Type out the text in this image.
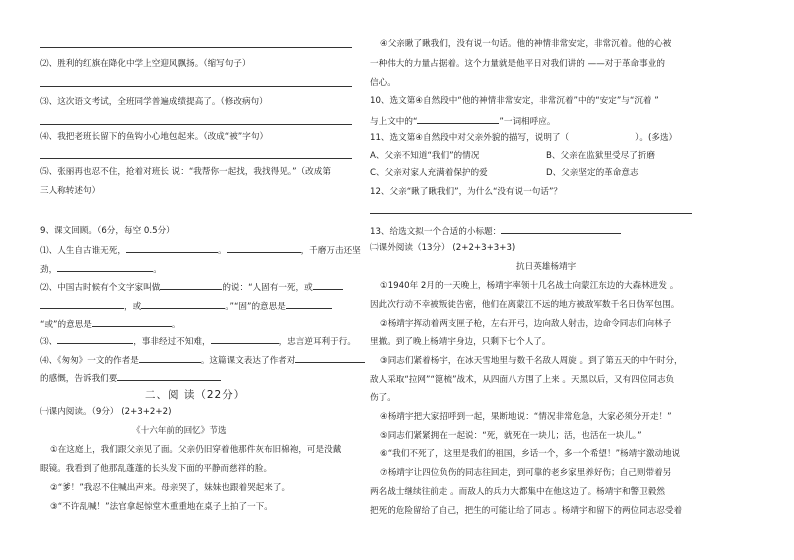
⑵、胜利的红旗在降化中学上空迎风飘扬。（缩写句子）
⑶、这次语文考试，全班同学普遍成绩提高了。（修改病句）
⑷、我把老班长留下的鱼钩小心地包起来。（改成“被”字句）
⑸、张丽再也忍不住，抢着对班长 说：“我帮你一起找，我找得见。”（改成第
三人称转述句）
9、课文回顾。（6分，每空 0.5分）
⑴、人生自古谁无死，	。	，千磨万击还坚
劲，	。
⑵、中国古时候有个文字家叫做	的说：“人固有一死，或
，或	。”“固”的意思是
“或”的意思是	。
⑶、	，事非经过不知难，	，忠言逆耳利于行。
⑷、《匆匆》一文的作者是	。这篇课文表达了作者对
的感慨，告诉我们要
二、阅 读（22分）
㈠课内阅读。（9分） (2+3+2+2)
《十六年前的回忆》节选
①在这庭上，我们跟父亲见了面。父亲仍旧穿着他那件灰布旧棉袍，可是没戴
眼镜。我看到了他那乱蓬蓬的长头发下面的平静而慈祥的脸。
②“爹！”我忍不住喊出声来。母亲哭了，妹妹也跟着哭起来了。
③“不许乱喊！”法官拿起惊堂木重重地在桌子上拍了一下。
④父亲瞅了瞅我们，没有说一句话。他的神情非常安定，非常沉着。他的心被
一种伟大的力量占据着。这个力量就是他平日对我们讲的 ——对于革命事业的
信心。
10、选文第④自然段中“他的神情非常安定，非常沉着”中的“安定”与“沉着 ”
与上文中的“	”一词相呼应。
11、选文第④自然段中对父亲外貌的描写，说明了（	）。(多选）
A、父亲不知道“我们”的情况	B、父亲在监狱里受尽了折磨
C、父亲对家人充满着保护的爱	D、父亲坚定的革命意志
12、父亲“瞅了瞅我们”，为什么“没有说一句话”？
13、给选文拟一个合适的小标题：
㈡课外阅读（13分） (2+2+3+3+3)
抗日英雄杨靖宇
①1940年 2月的一天晚上，杨靖宇率领十几名战士向蒙江东边的大森林进发 。
因此次行动不幸被叛徒告密，他们在离蒙江不远的地方被敌军数千名日伪军包围。
②杨靖宇挥动着两支匣子枪，左右开弓，边向敌人射击，边命令同志们向林子
里撤。到了晚上杨靖宇身边，只剩下七个人了。
③同志们紧着杨宇，在冰天雪地里与数千名敌人周旋 。到了第五天的中午时分，
敌人采取“拉网”“篦梳”战术，从四面八方围了上来 。天黑以后，又有四位同志负
伤了。
④杨靖宇把大家招呼到一起，果断地说：“情况非常危急，大家必须分开走！”
⑤同志们紧紧拥在一起说：“死，就死在一块儿；活，也活在一块儿。”
⑥“我们不死了，这里是我们的祖国，乡话一个，多一个希望！”杨靖宇激动地说
⑦杨靖宇让四位负伤的同志往回走，到可靠的老乡家里养好伤；自己则带着另
两名战士继续往前走 。而敌人的兵力大都集中在他这边了。杨靖宇和警卫毅然
把死的危险留给了自己，把生的可能让给了同志 。杨靖宇和留下的两位同志忍受着
